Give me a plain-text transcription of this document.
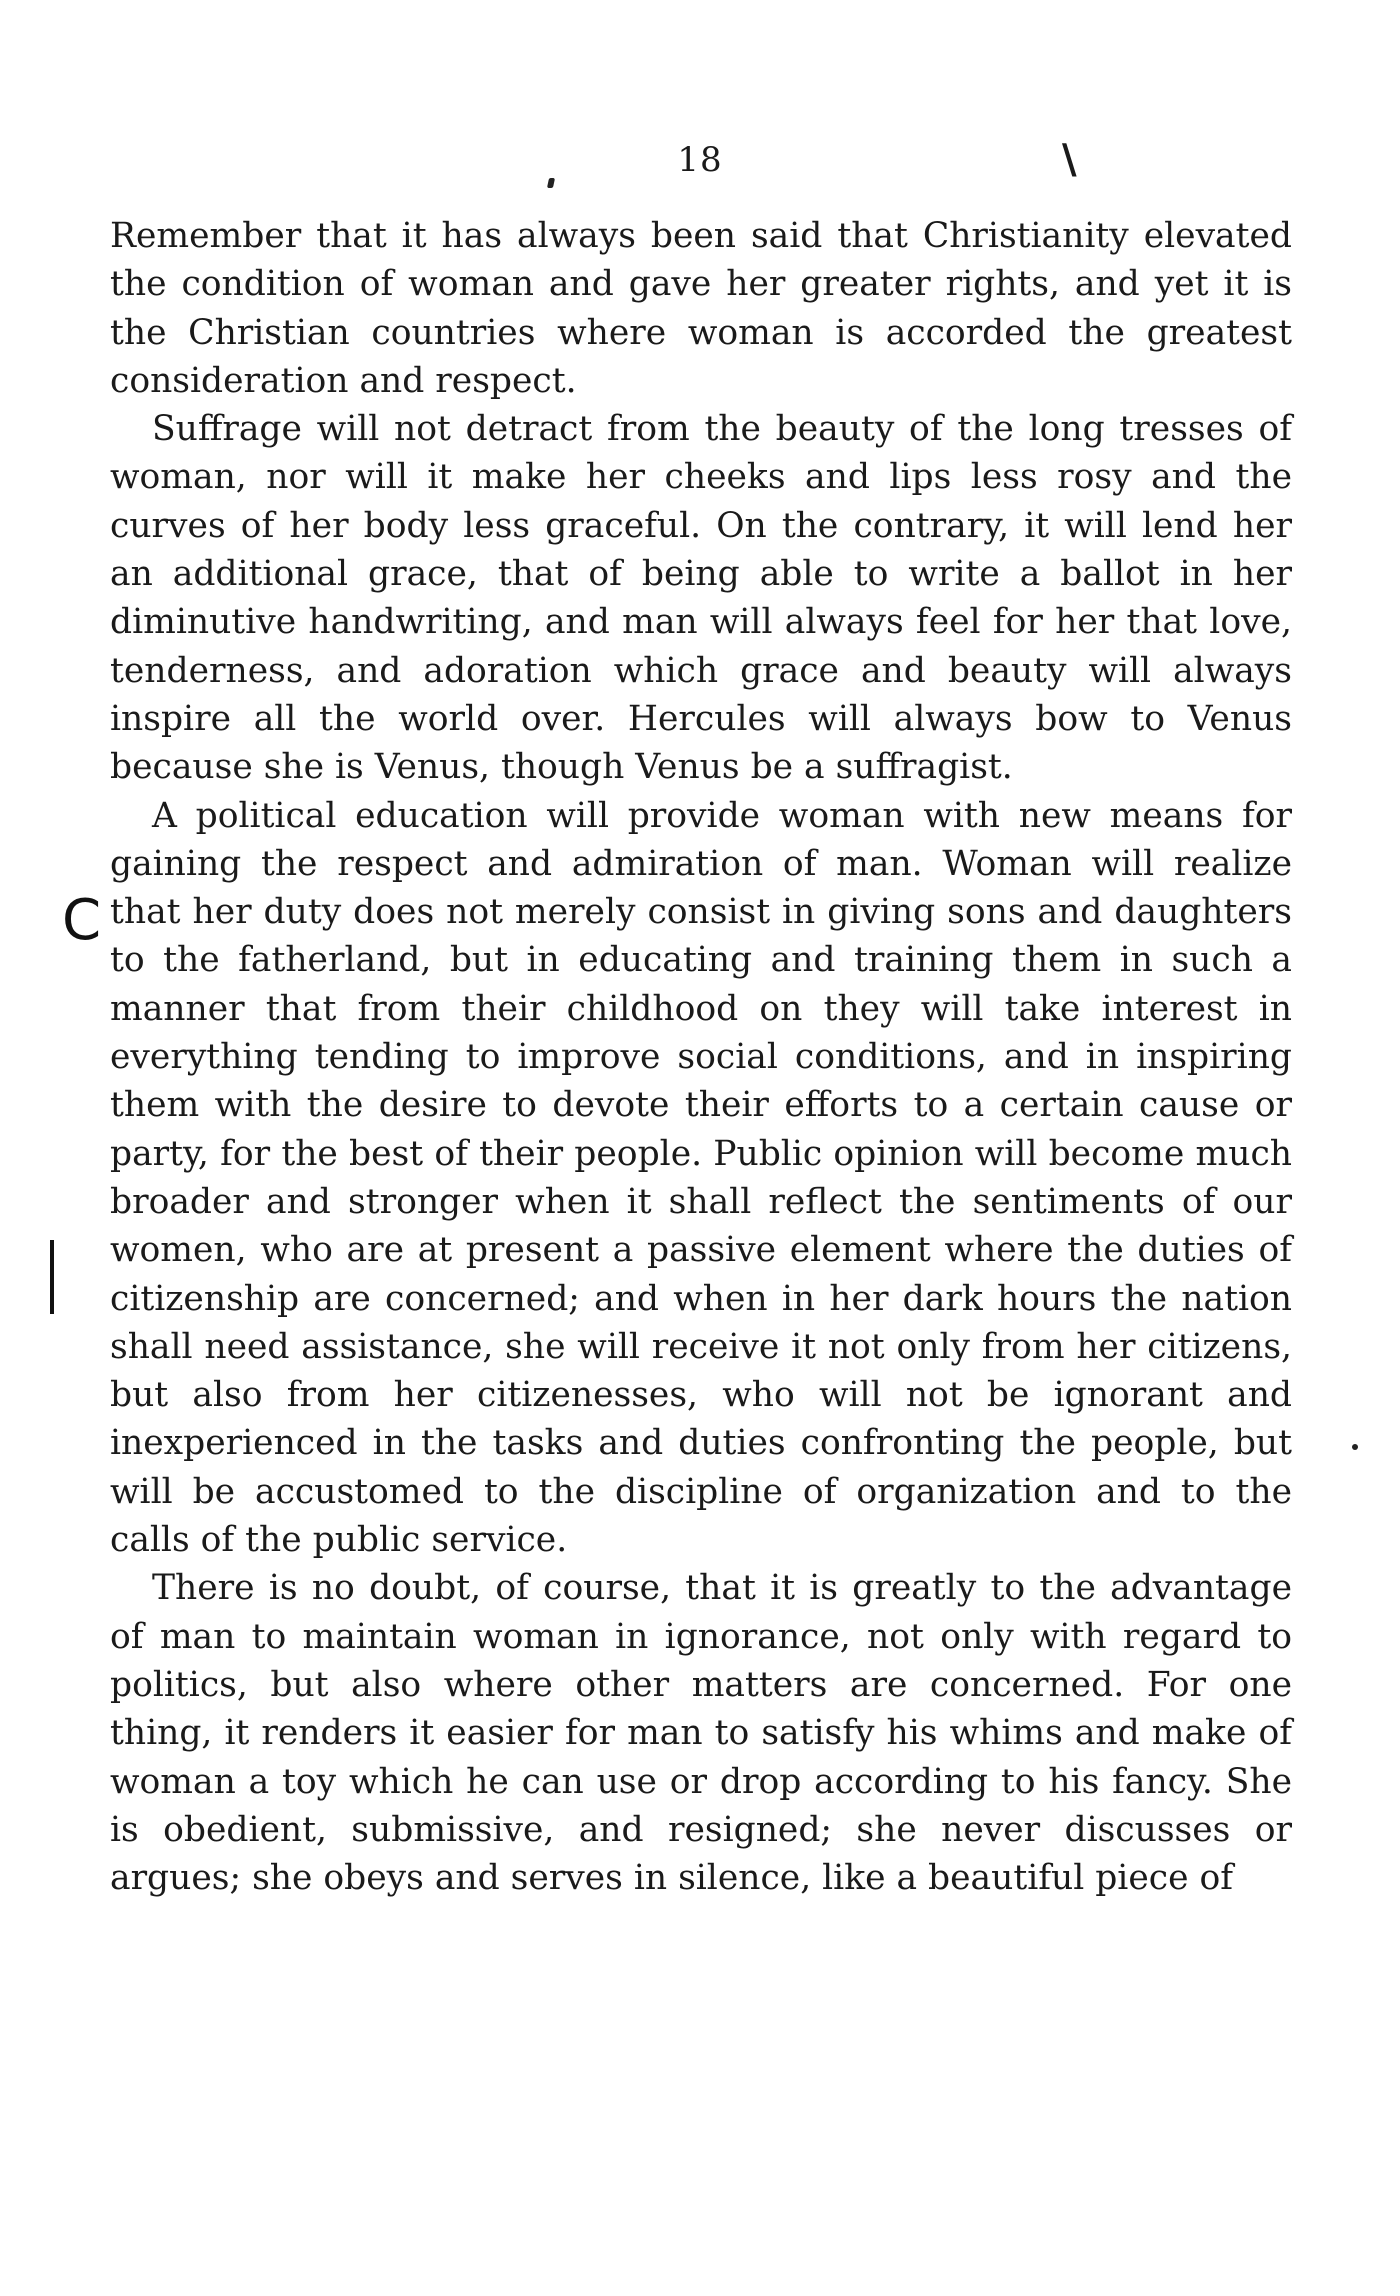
18	\

Remember that it has always been said that Christianity elevated the condition of woman and gave her greater rights, and yet it is the Christian countries where woman is accorded the greatest consideration and respect.

Suffrage will not detract from the beauty of the long tresses of woman, nor will it make her cheeks and lips less rosy and the curves of her body less graceful. On the contrary, it will lend her an additional grace, that of being able to write a ballot in her diminutive handwriting, and man will always feel for her that love, tenderness, and adoration which grace and beauty will always inspire all the world over. Hercules will always bow to Venus because she is Venus, though Venus be a suffragist.

A political education will provide woman with new means for gaining the respect and admiration of man. Woman will realize that her duty does not merely consist in giving sons and daughters to the fatherland, but in educating and training them in such a manner that from their childhood on they will take interest in everything tending to improve social conditions, and in inspiring them with the desire to devote their efforts to a certain cause or party, for the best of their people. Public opinion will become much broader and stronger when it shall reflect the sentiments of our women, who are at present a passive element where the duties of citizenship are concerned; and when in her dark hours the nation shall need assistance, she will receive it not only from her citizens, but also from her citizenesses, who will not be ignorant and inexperienced in the tasks and duties confronting the people, but will be accustomed to the discipline of organization and to the calls of the public service.

There is no doubt, of course, that it is greatly to the advantage of man to maintain woman in ignorance, not only with regard to politics, but also where other matters are concerned. For one thing, it renders it easier for man to satisfy his whims and make of woman a toy which he can use or drop according to his fancy. She is obedient, submissive, and resigned; she never discusses or argues; she obeys and serves in silence, like a beautiful piece of

C
